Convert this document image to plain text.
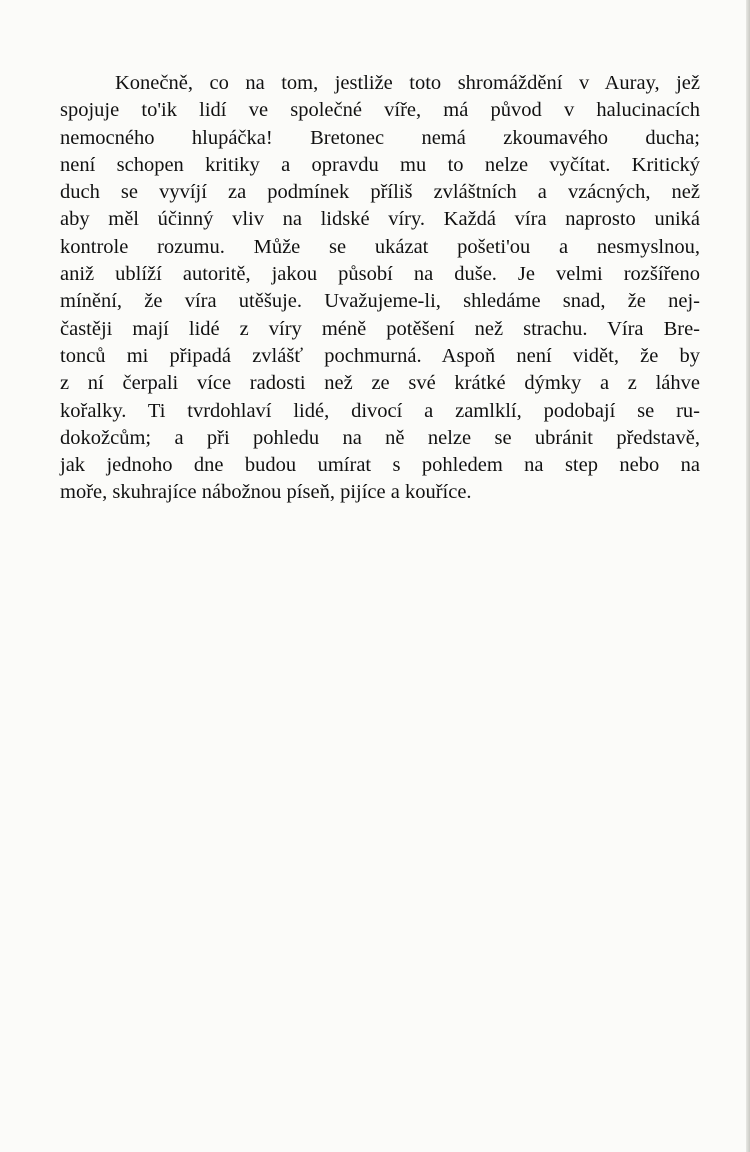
Konečně, co na tom, jestliže toto shromáždění v Auray, jež
spojuje to'ik lidí ve společné víře, má původ v halucinacích
nemocného hlupáčka! Bretonec nemá zkoumavého ducha;
není schopen kritiky a opravdu mu to nelze vyčítat. Kritický
duch se vyvíjí za podmínek příliš zvláštních a vzácných, než
aby měl účinný vliv na lidské víry. Každá víra naprosto uniká
kontrole rozumu. Může se ukázat pošeti'ou a nesmyslnou,
aniž ublíží autoritě, jakou působí na duše. Je velmi rozšířeno
mínění, že víra utěšuje. Uvažujeme-li, shledáme snad, že nej-
častěji mají lidé z víry méně potěšení než strachu. Víra Bre-
tonců mi připadá zvlášť pochmurná. Aspoň není vidět, že by
z ní čerpali více radosti než ze své krátké dýmky a z láhve
kořalky. Ti tvrdohlaví lidé, divocí a zamlklí, podobají se ru-
dokožcům; a při pohledu na ně nelze se ubránit představě,
jak jednoho dne budou umírat s pohledem na step nebo na
moře, skuhrajíce nábožnou píseň, pijíce a kouříce.
